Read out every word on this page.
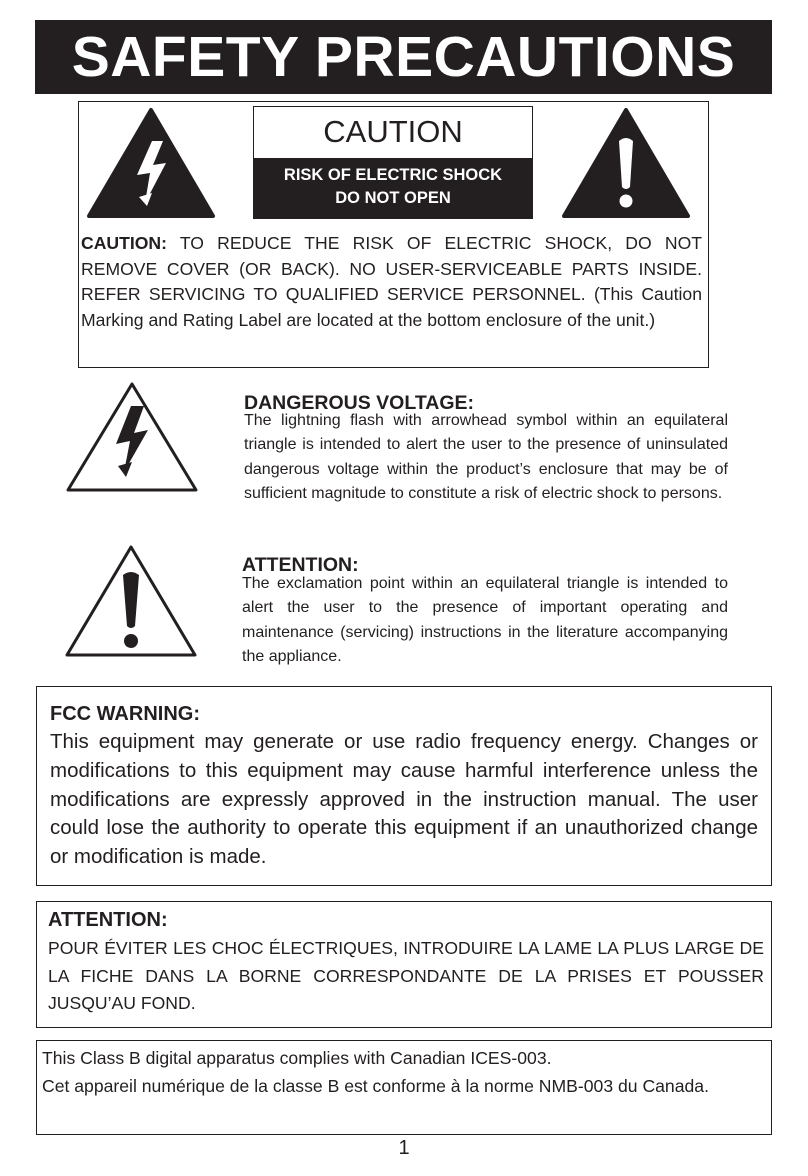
SAFETY PRECAUTIONS
CAUTION
RISK OF ELECTRIC SHOCK
DO NOT OPEN

CAUTION: TO REDUCE THE RISK OF ELECTRIC SHOCK, DO NOT REMOVE COVER (OR BACK). NO USER-SERVICEABLE PARTS INSIDE. REFER SERVICING TO QUALIFIED SERVICE PERSONNEL. (This Caution Marking and Rating Label are located at the bottom enclosure of the unit.)

DANGEROUS VOLTAGE:

The lightning flash with arrowhead symbol within an equilateral triangle is intended to alert the user to the presence of uninsulated dangerous voltage within the product’s enclosure that may be of sufficient magnitude to constitute a risk of electric shock to persons.

ATTENTION:

The exclamation point within an equilateral triangle is intended to alert the user to the presence of important operating and maintenance (servicing) instructions in the literature accompanying the appliance.

FCC WARNING:

This equipment may generate or use radio frequency energy. Changes or modifications to this equipment may cause harmful interference unless the modifications are expressly approved in the instruction manual. The user could lose the authority to operate this equipment if an unauthorized change or modification is made.

ATTENTION:

POUR ÉVITER LES CHOC ÉLECTRIQUES, INTRODUIRE LA LAME LA PLUS LARGE DE LA FICHE DANS LA BORNE CORRESPONDANTE DE LA PRISES ET POUSSER JUSQU’AU FOND.

This Class B digital apparatus complies with Canadian ICES-003.
Cet appareil numérique de la classe B est conforme à la norme NMB-003 du Canada.

1
